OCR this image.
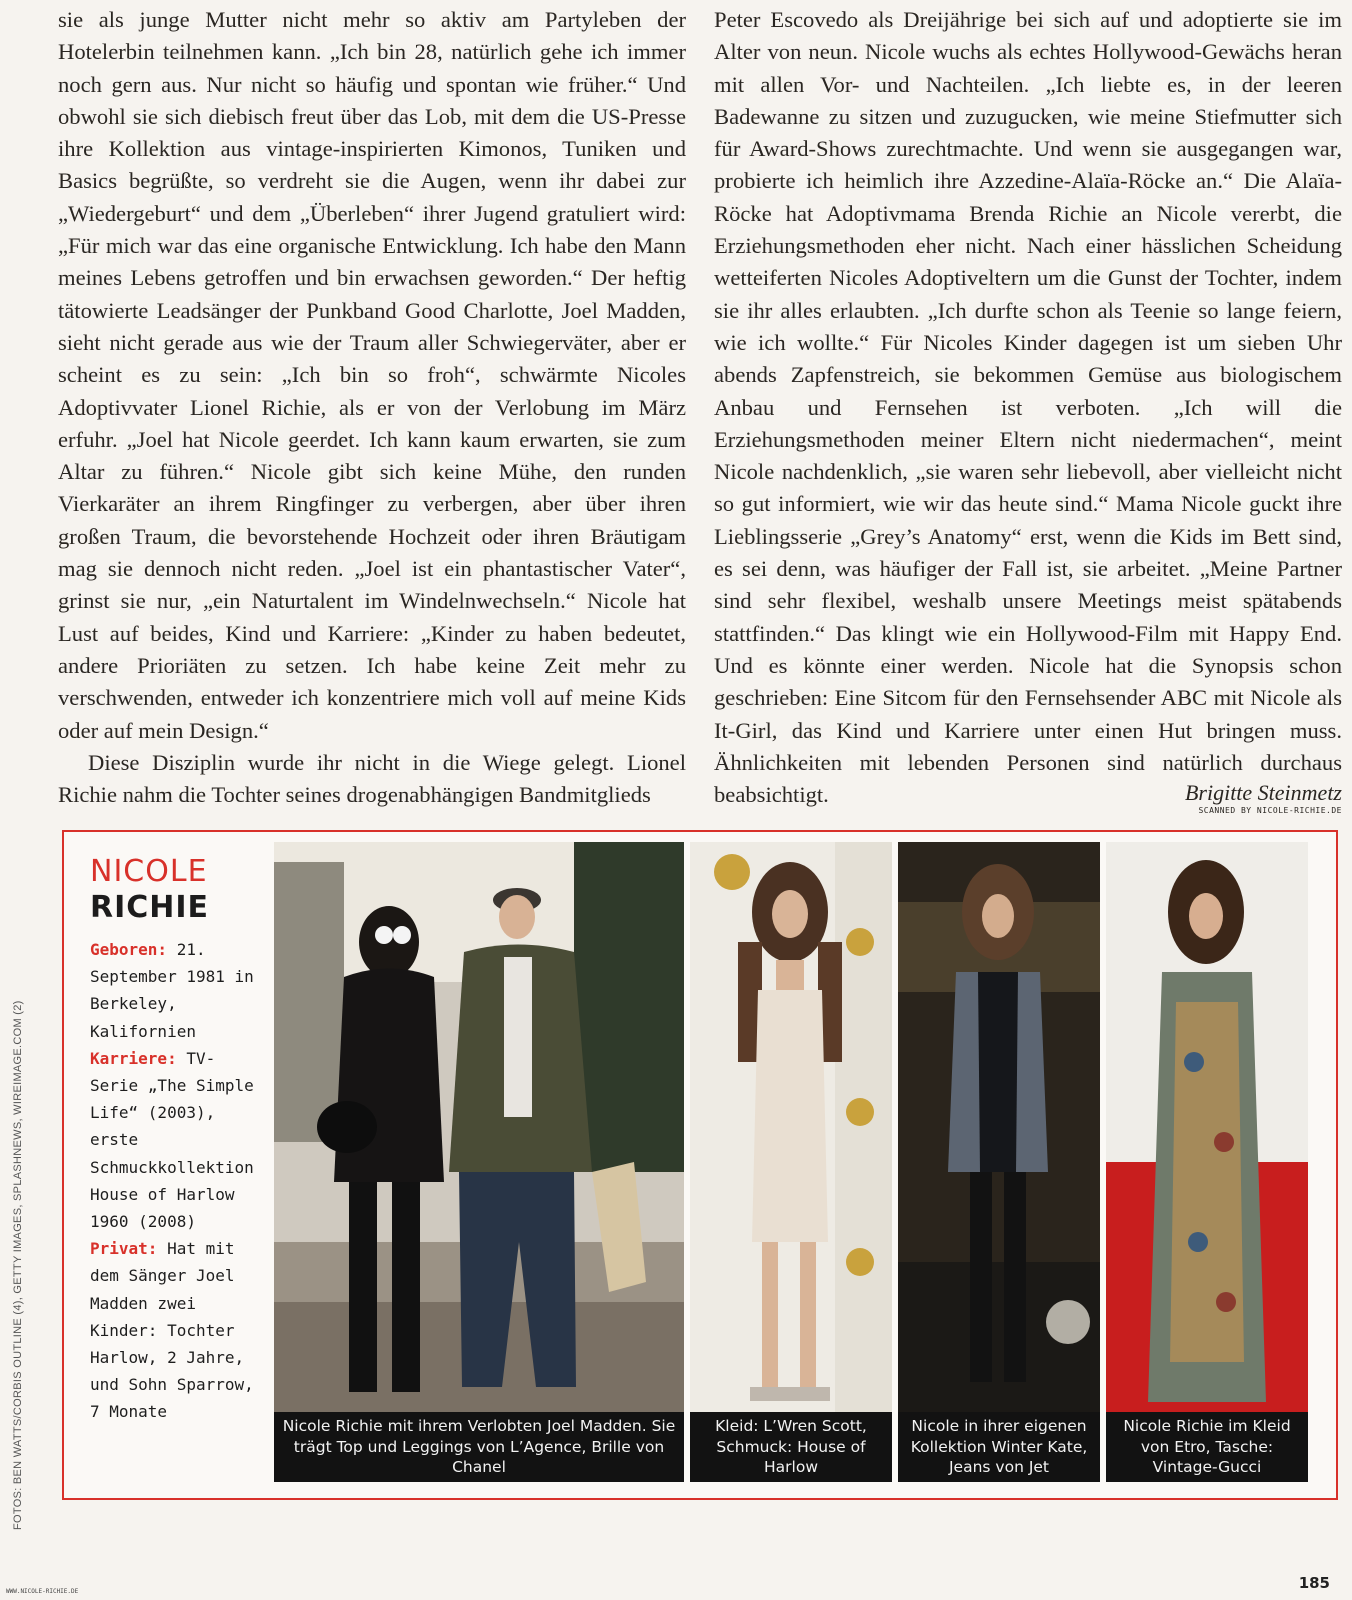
sie als junge Mutter nicht mehr so aktiv am Partyleben der Hotelerbin teilnehmen kann. „Ich bin 28, natürlich gehe ich immer noch gern aus. Nur nicht so häufig und spontan wie früher.“ Und obwohl sie sich diebisch freut über das Lob, mit dem die US-Presse ihre Kollektion aus vintage-inspirierten Kimonos, Tuniken und Basics begrüßte, so verdreht sie die Augen, wenn ihr dabei zur „Wiedergeburt“ und dem „Überleben“ ihrer Jugend gratuliert wird: „Für mich war das eine organische Entwicklung. Ich habe den Mann meines Lebens getroffen und bin erwachsen geworden.“ Der heftig tätowierte Leadsänger der Punkband Good Charlotte, Joel Madden, sieht nicht gerade aus wie der Traum aller Schwiegerväter, aber er scheint es zu sein: „Ich bin so froh“, schwärmte Nicoles Adoptivvater Lionel Richie, als er von der Verlobung im März erfuhr. „Joel hat Nicole geerdet. Ich kann kaum erwarten, sie zum Altar zu führen.“ Nicole gibt sich keine Mühe, den runden Vierkaräter an ihrem Ringfinger zu verbergen, aber über ihren großen Traum, die bevorstehende Hochzeit oder ihren Bräutigam mag sie dennoch nicht reden. „Joel ist ein phantastischer Vater“, grinst sie nur, „ein Naturtalent im Windelnwechseln.“ Nicole hat Lust auf beides, Kind und Karriere: „Kinder zu haben bedeutet, andere Prioriäten zu setzen. Ich habe keine Zeit mehr zu verschwenden, entweder ich konzentriere mich voll auf meine Kids oder auf mein Design.“

Diese Disziplin wurde ihr nicht in die Wiege gelegt. Lionel Richie nahm die Tochter seines drogenabhängigen Bandmitglieds

Peter Escovedo als Dreijährige bei sich auf und adoptierte sie im Alter von neun. Nicole wuchs als echtes Hollywood-Gewächs heran mit allen Vor- und Nachteilen. „Ich liebte es, in der leeren Badewanne zu sitzen und zuzugucken, wie meine Stiefmutter sich für Award-Shows zurechtmachte. Und wenn sie ausgegangen war, probierte ich heimlich ihre Azzedine-Alaïa-Röcke an.“ Die Alaïa-Röcke hat Adoptivmama Brenda Richie an Nicole vererbt, die Erziehungsmethoden eher nicht. Nach einer hässlichen Scheidung wetteiferten Nicoles Adoptiveltern um die Gunst der Tochter, indem sie ihr alles erlaubten. „Ich durfte schon als Teenie so lange feiern, wie ich wollte.“ Für Nicoles Kinder dagegen ist um sieben Uhr abends Zapfenstreich, sie bekommen Gemüse aus biologischem Anbau und Fernsehen ist verboten. „Ich will die Erziehungsmethoden meiner Eltern nicht niedermachen“, meint Nicole nachdenklich, „sie waren sehr liebevoll, aber vielleicht nicht so gut informiert, wie wir das heute sind.“ Mama Nicole guckt ihre Lieblingsserie „Grey’s Anatomy“ erst, wenn die Kids im Bett sind, es sei denn, was häufiger der Fall ist, sie arbeitet. „Meine Partner sind sehr flexibel, weshalb unsere Meetings meist spätabends stattfinden.“ Das klingt wie ein Hollywood-Film mit Happy End. Und es könnte einer werden. Nicole hat die Synopsis schon geschrieben: Eine Sitcom für den Fernsehsender ABC mit Nicole als It-Girl, das Kind und Karriere unter einen Hut bringen muss. Ähnlichkeiten mit lebenden Personen sind natürlich durchaus beabsichtigt.	Brigitte Steinmetz
SCANNED BY NICOLE-RICHIE.DE
FOTOS: BEN WATTS/CORBIS OUTLINE (4), GETTY IMAGES, SPLASHNEWS, WIREIMAGE.COM (2)
NICOLE
RICHIE
Geboren: 21. September 1981 in Berkeley, Kalifornien Karriere: TV-Serie „The Simple Life“ (2003), erste Schmuckkollektion House of Harlow 1960 (2008) Privat: Hat mit dem Sänger Joel Madden zwei Kinder: Tochter Harlow, 2 Jahre, und Sohn Sparrow, 7 Monate
Nicole Richie mit ihrem Verlobten Joel Madden. Sie trägt Top und Leggings von L’Agence, Brille von Chanel
Kleid: L’Wren Scott, Schmuck: House of Harlow
Nicole in ihrer eigenen Kollektion Winter Kate, Jeans von Jet
Nicole Richie im Kleid von Etro, Tasche: Vintage-Gucci
WWW.NICOLE-RICHIE.DE	185
